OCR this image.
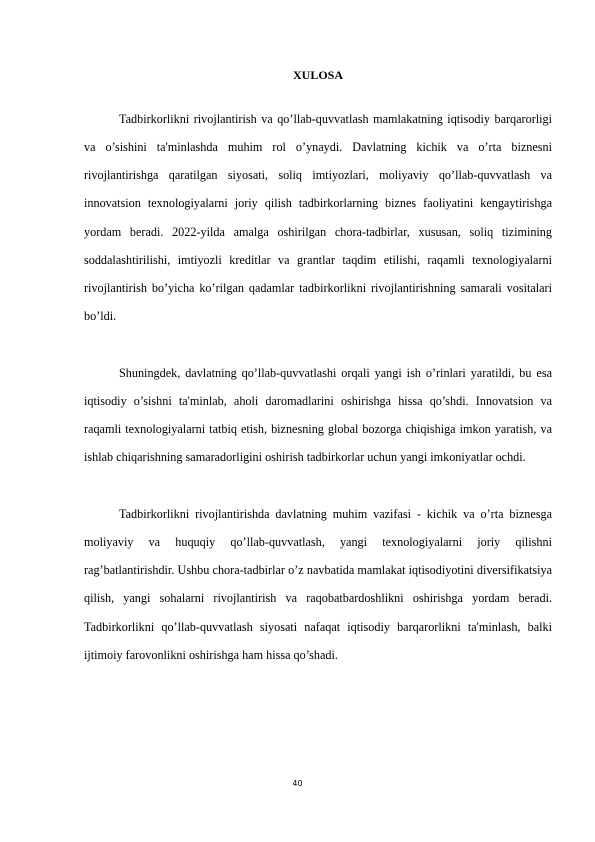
XULOSA

Tadbirkorlikni rivojlantirish va qo’llab-quvvatlash mamlakatning iqtisodiy barqarorligi va o’sishini ta'minlashda muhim rol o’ynaydi. Davlatning kichik va o’rta biznesni rivojlantirishga qaratilgan siyosati, soliq imtiyozlari, moliyaviy qo’llab-quvvatlash va innovatsion texnologiyalarni joriy qilish tadbirkorlarning biznes faoliyatini kengaytirishga yordam beradi. 2022-yilda amalga oshirilgan chora-tadbirlar, xususan, soliq tizimining soddalashtirilishi, imtiyozli kreditlar va grantlar taqdim etilishi, raqamli texnologiyalarni rivojlantirish bo’yicha ko’rilgan qadamlar tadbirkorlikni rivojlantirishning samarali vositalari bo’ldi.

Shuningdek, davlatning qo’llab-quvvatlashi orqali yangi ish o’rinlari yaratildi, bu esa iqtisodiy o’sishni ta'minlab, aholi daromadlarini oshirishga hissa qo’shdi. Innovatsion va raqamli texnologiyalarni tatbiq etish, biznesning global bozorga chiqishiga imkon yaratish, va ishlab chiqarishning samaradorligini oshirish tadbirkorlar uchun yangi imkoniyatlar ochdi.

Tadbirkorlikni rivojlantirishda davlatning muhim vazifasi - kichik va o’rta biznesga moliyaviy va huquqiy qo’llab-quvvatlash, yangi texnologiyalarni joriy qilishni rag’batlantirishdir. Ushbu chora-tadbirlar o’z navbatida mamlakat iqtisodiyotini diversifikatsiya qilish, yangi sohalarni rivojlantirish va raqobatbardoshlikni oshirishga yordam beradi. Tadbirkorlikni qo’llab-quvvatlash siyosati nafaqat iqtisodiy barqarorlikni ta'minlash, balki ijtimoiy farovonlikni oshirishga ham hissa qo’shadi.

40
